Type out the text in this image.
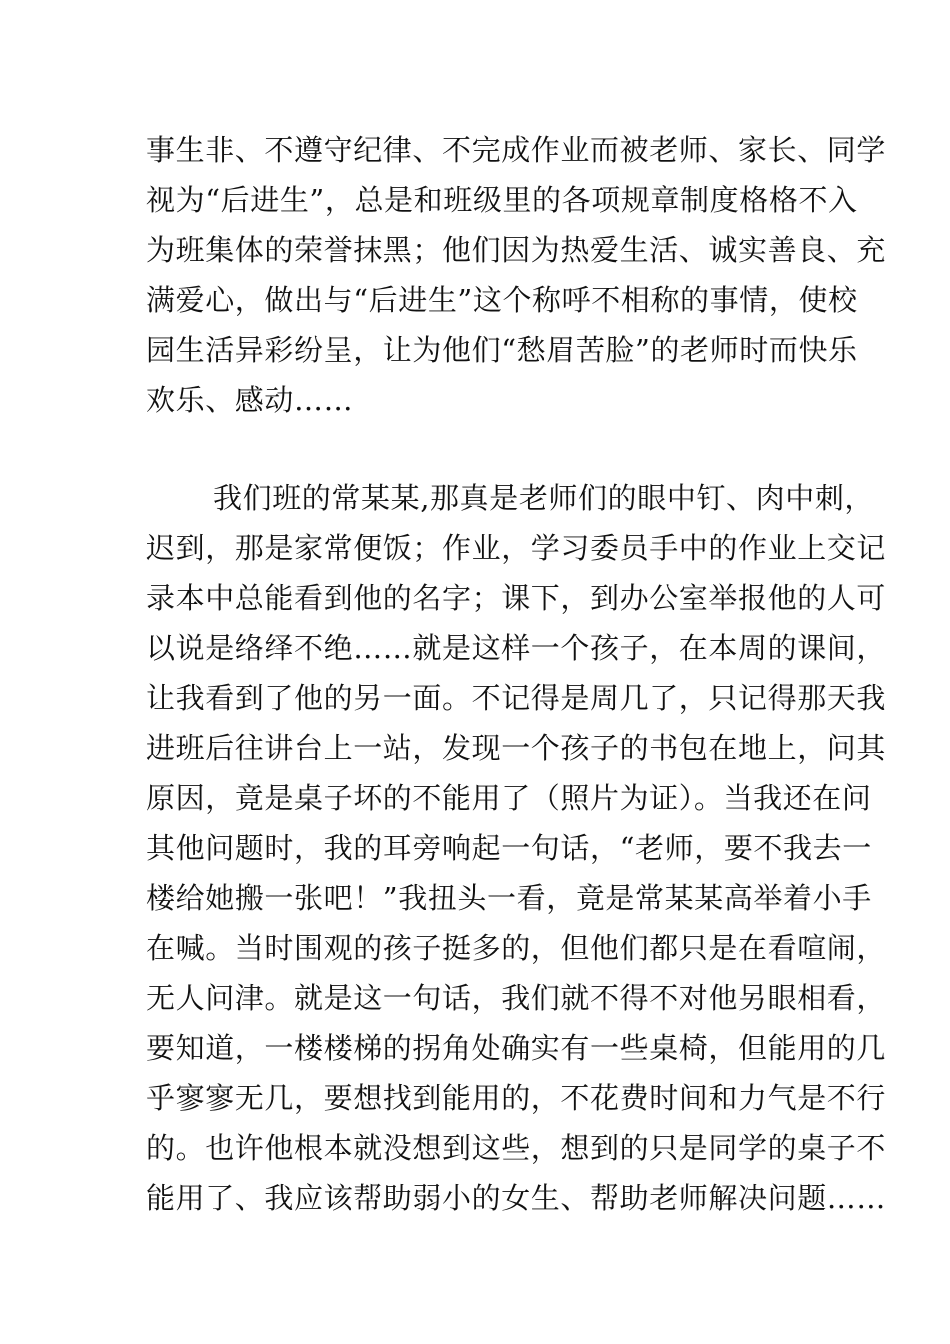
事生非、不遵守纪律、不完成作业而被老师、家长、同学
视为“后进生”，总是和班级里的各项规章制度格格不入
为班集体的荣誉抹黑；他们因为热爱生活、诚实善良、充
满爱心，做出与“后进生”这个称呼不相称的事情，使校
园生活异彩纷呈，让为他们“愁眉苦脸”的老师时而快乐
欢乐、感动……
我们班的常某某,那真是老师们的眼中钉、肉中刺，
迟到，那是家常便饭；作业，学习委员手中的作业上交记
录本中总能看到他的名字；课下，到办公室举报他的人可
以说是络绎不绝……就是这样一个孩子，在本周的课间，
让我看到了他的另一面。不记得是周几了，只记得那天我
进班后往讲台上一站，发现一个孩子的书包在地上，问其
原因，竟是桌子坏的不能用了（照片为证）。当我还在问
其他问题时，我的耳旁响起一句话，“老师，要不我去一
楼给她搬一张吧！”我扭头一看，竟是常某某高举着小手
在喊。当时围观的孩子挺多的，但他们都只是在看喧闹，
无人问津。就是这一句话，我们就不得不对他另眼相看，
要知道，一楼楼梯的拐角处确实有一些桌椅，但能用的几
乎寥寥无几，要想找到能用的，不花费时间和力气是不行
的。也许他根本就没想到这些，想到的只是同学的桌子不
能用了、我应该帮助弱小的女生、帮助老师解决问题……
